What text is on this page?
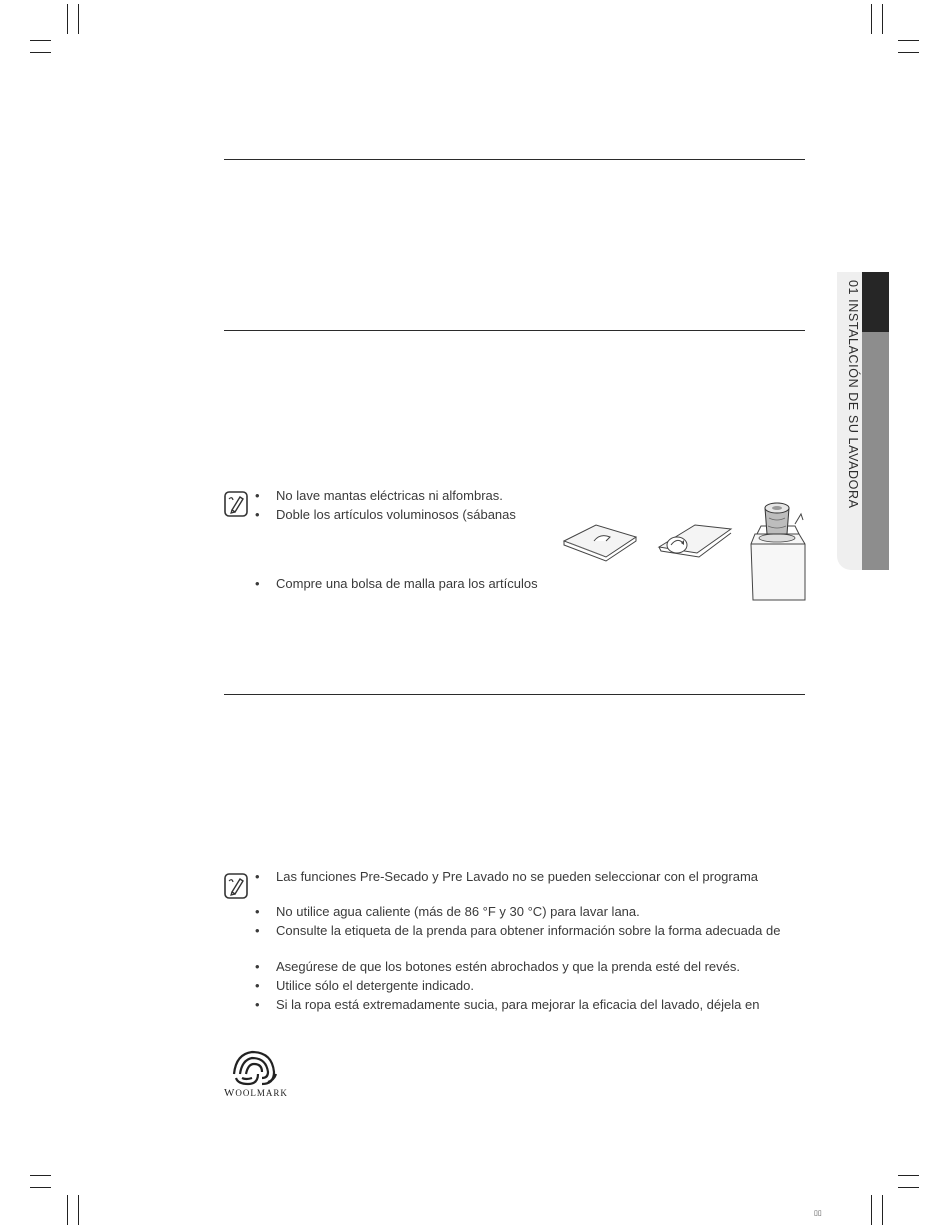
01 INSTALACIÓN DE SU LAVADORA
No lave mantas eléctricas ni alfombras.
Doble los artículos voluminosos (sábanas
Compre una bolsa de malla para los artículos
Las funciones Pre-Secado y Pre Lavado no se pueden seleccionar con el programa
No utilice agua caliente (más de 86 °F y 30 °C) para lavar lana.
Consulte la etiqueta de la prenda para obtener información sobre la forma adecuada de
Asegúrese de que los botones estén abrochados y que la prenda esté del revés.
Utilice sólo el detergente indicado.
Si la ropa está extremadamente sucia, para mejorar la eficacia del lavado, déjela en
WOOLMARK
▯▯
